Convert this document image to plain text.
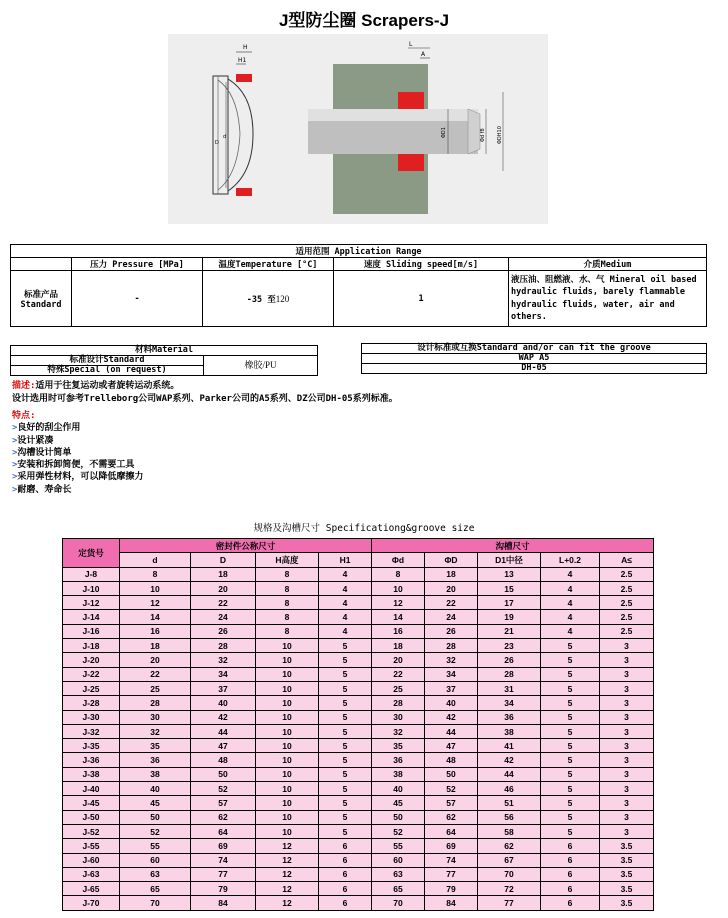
J型防尘圈 Scrapers-J
H
H1
D
d
L
A
ΦD1	Φd f8 ΦDH10
适用范围 Application Range				
	压力 Pressure [MPa]	温度Temperature [°C]	速度 Sliding speed[m/s]	介质Medium
标准产品
Standard	-	-35 至120	1	液压油、阻燃液、水、气 Mineral oil based hydraulic fluids, barely flammable hydraulic fluids, water, air and others.
材料Material
标准设计Standard	橡胶/PU
特殊Special (on request)
设计标准或互换Standard and/or can fit the groove
WAP A5
DH-05
描述:适用于往复运动或者旋转运动系统。
设计选用时可参考Trelleborg公司WAP系列、Parker公司的A5系列、DZ公司DH-05系列标准。
特点:
>良好的刮尘作用
>设计紧凑
>沟槽设计简单
>安装和拆卸简便，不需要工具
>采用弹性材料，可以降低摩擦力
>耐磨、寿命长
规格及沟槽尺寸 Specificationg&groove size
定货号	密封件公称尺寸				沟槽尺寸				
	d	D	H高度	H1	Φd	ΦD	D1中径	L+0.2	A≤
J-8	8	18	8	4	8	18	13	4	2.5
J-10	10	20	8	4	10	20	15	4	2.5
J-12	12	22	8	4	12	22	17	4	2.5
J-14	14	24	8	4	14	24	19	4	2.5
J-16	16	26	8	4	16	26	21	4	2.5
J-18	18	28	10	5	18	28	23	5	3
J-20	20	32	10	5	20	32	26	5	3
J-22	22	34	10	5	22	34	28	5	3
J-25	25	37	10	5	25	37	31	5	3
J-28	28	40	10	5	28	40	34	5	3
J-30	30	42	10	5	30	42	36	5	3
J-32	32	44	10	5	32	44	38	5	3
J-35	35	47	10	5	35	47	41	5	3
J-36	36	48	10	5	36	48	42	5	3
J-38	38	50	10	5	38	50	44	5	3
J-40	40	52	10	5	40	52	46	5	3
J-45	45	57	10	5	45	57	51	5	3
J-50	50	62	10	5	50	62	56	5	3
J-52	52	64	10	5	52	64	58	5	3
J-55	55	69	12	6	55	69	62	6	3.5
J-60	60	74	12	6	60	74	67	6	3.5
J-63	63	77	12	6	63	77	70	6	3.5
J-65	65	79	12	6	65	79	72	6	3.5
J-70	70	84	12	6	70	84	77	6	3.5
